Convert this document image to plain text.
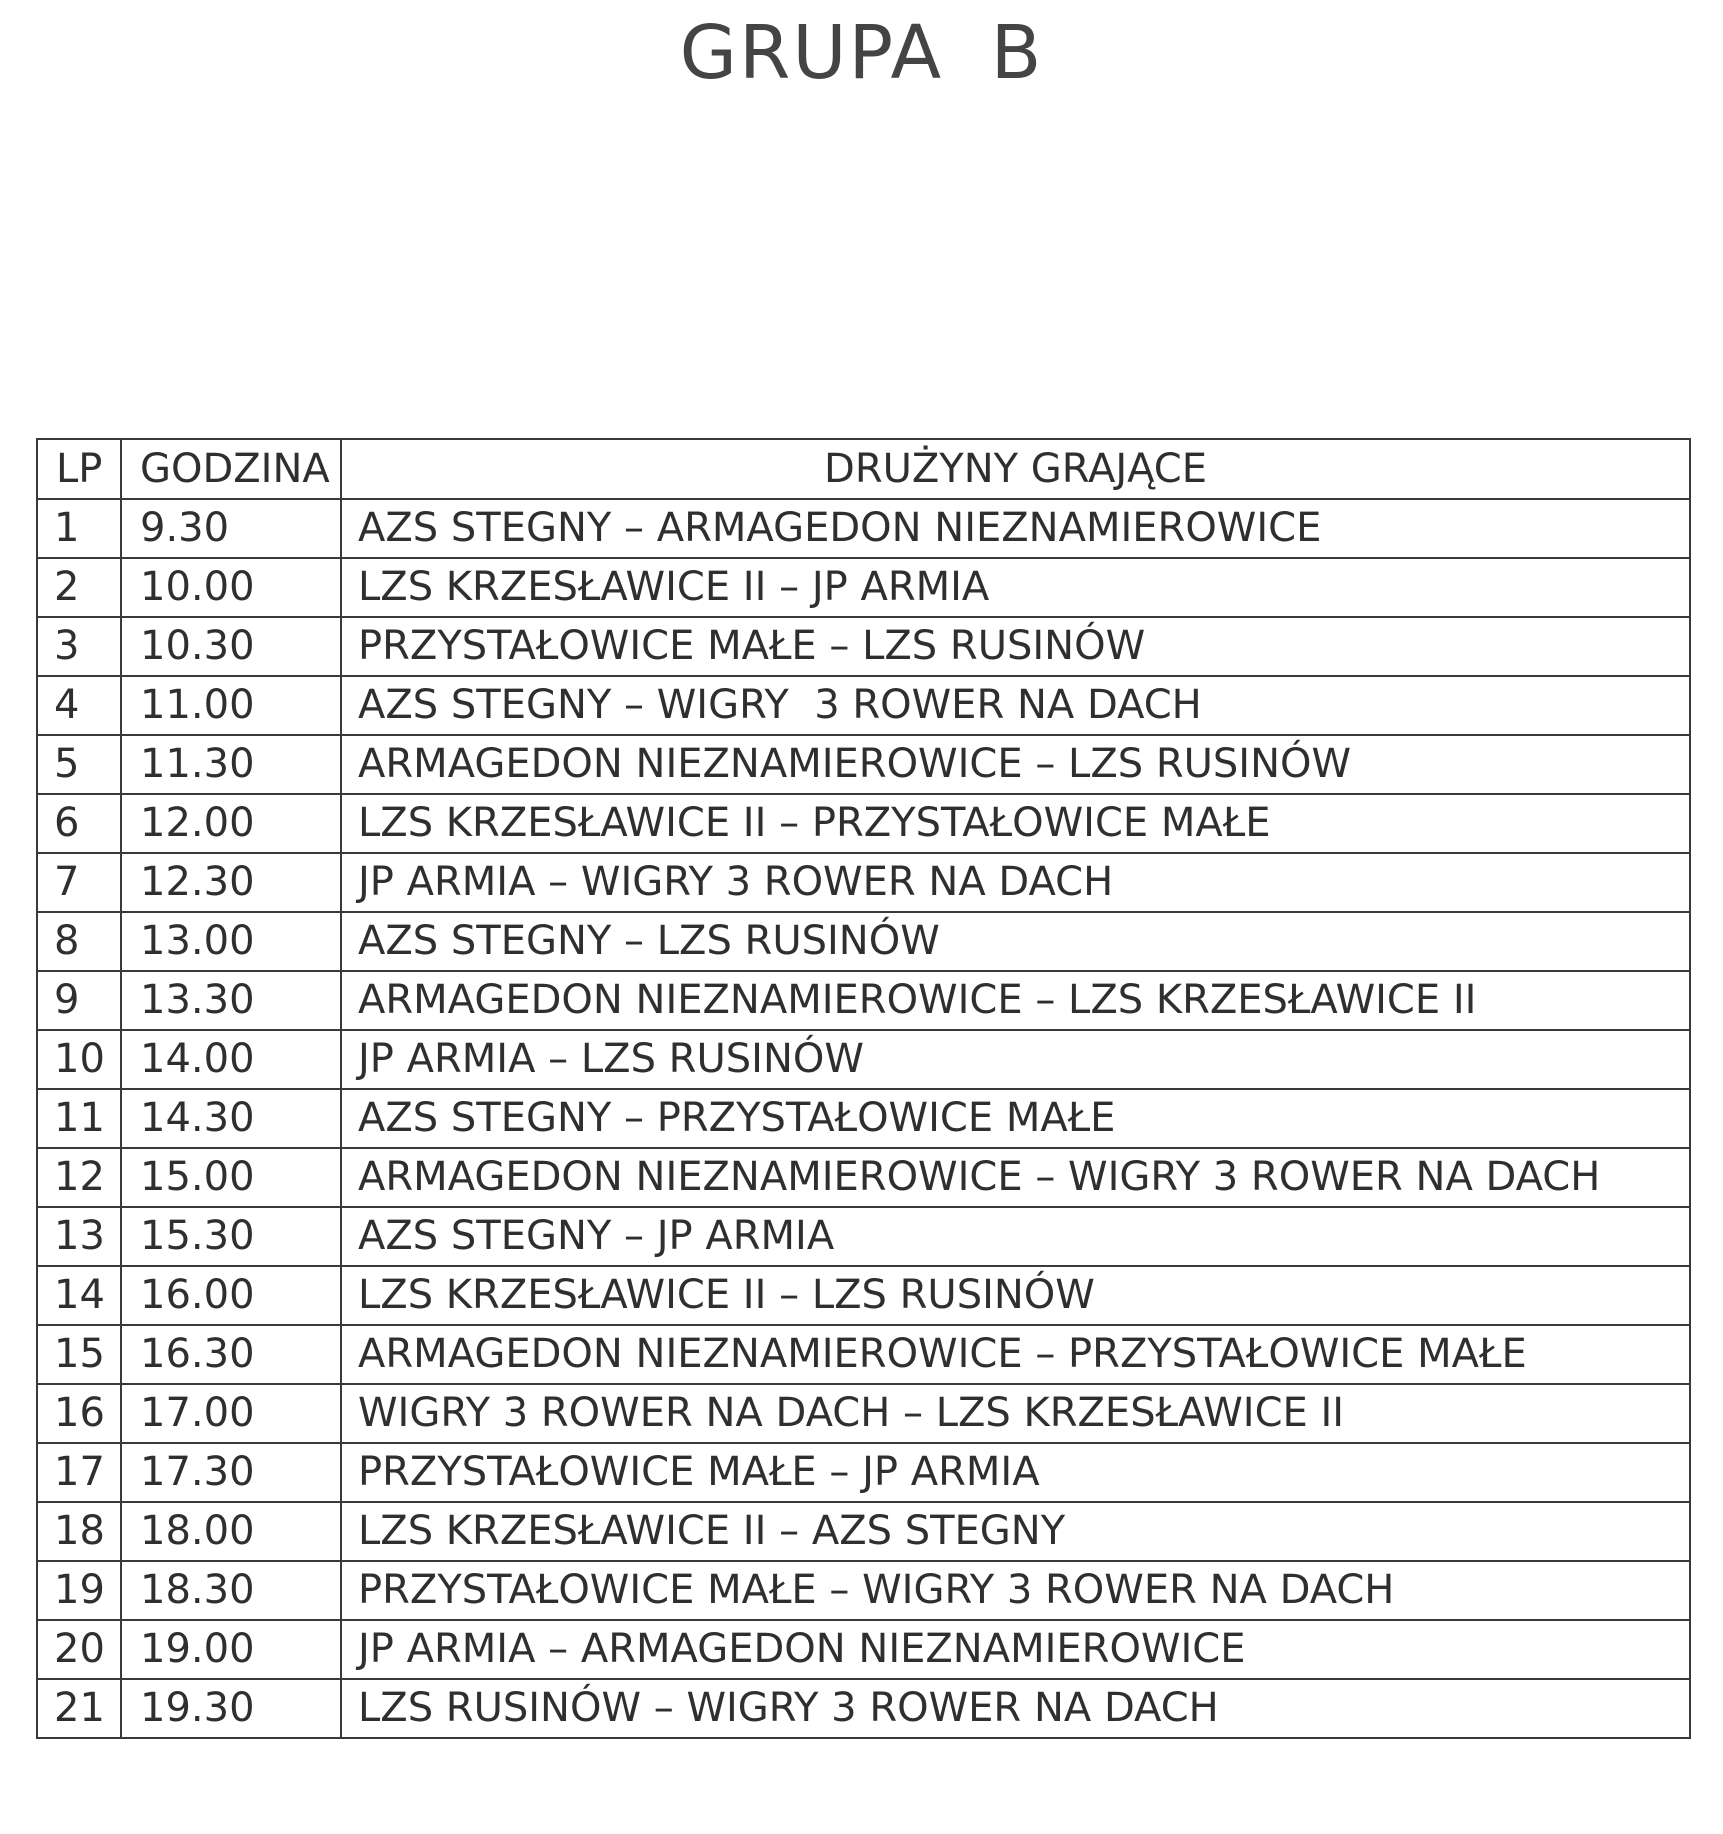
GRUPA B
LP	GODZINA	DRUŻYNY GRAJĄCE
1	9.30	AZS STEGNY – ARMAGEDON NIEZNAMIEROWICE
2	10.00	LZS KRZESŁAWICE II – JP ARMIA
3	10.30	PRZYSTAŁOWICE MAŁE – LZS RUSINÓW
4	11.00	AZS STEGNY – WIGRY  3 ROWER NA DACH
5	11.30	ARMAGEDON NIEZNAMIEROWICE – LZS RUSINÓW
6	12.00	LZS KRZESŁAWICE II – PRZYSTAŁOWICE MAŁE
7	12.30	JP ARMIA – WIGRY 3 ROWER NA DACH
8	13.00	AZS STEGNY – LZS RUSINÓW
9	13.30	ARMAGEDON NIEZNAMIEROWICE – LZS KRZESŁAWICE II
10	14.00	JP ARMIA – LZS RUSINÓW
11	14.30	AZS STEGNY – PRZYSTAŁOWICE MAŁE
12	15.00	ARMAGEDON NIEZNAMIEROWICE – WIGRY 3 ROWER NA DACH
13	15.30	AZS STEGNY – JP ARMIA
14	16.00	LZS KRZESŁAWICE II – LZS RUSINÓW
15	16.30	ARMAGEDON NIEZNAMIEROWICE – PRZYSTAŁOWICE MAŁE
16	17.00	WIGRY 3 ROWER NA DACH – LZS KRZESŁAWICE II
17	17.30	PRZYSTAŁOWICE MAŁE – JP ARMIA
18	18.00	LZS KRZESŁAWICE II – AZS STEGNY
19	18.30	PRZYSTAŁOWICE MAŁE – WIGRY 3 ROWER NA DACH
20	19.00	JP ARMIA – ARMAGEDON NIEZNAMIEROWICE
21	19.30	LZS RUSINÓW – WIGRY 3 ROWER NA DACH
